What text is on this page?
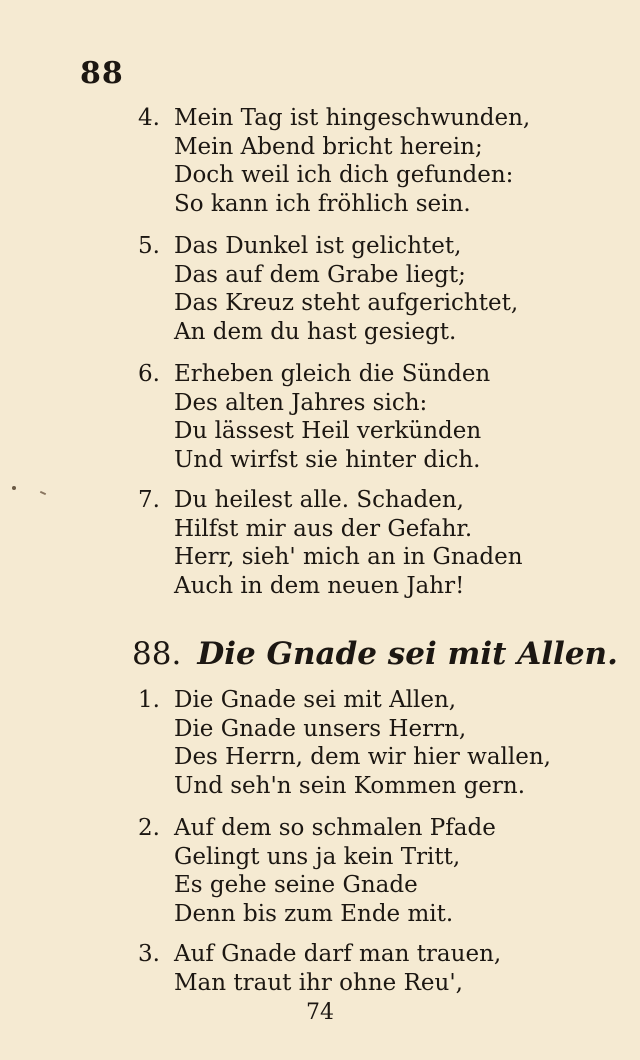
88
4. Mein Tag ist hingeschwunden,
Mein Abend bricht herein;
Doch weil ich dich gefunden:
So kann ich fröhlich sein.
5. Das Dunkel ist gelichtet,
Das auf dem Grabe liegt;
Das Kreuz steht aufgerichtet,
An dem du hast gesiegt.
6. Erheben gleich die Sünden
Des alten Jahres sich:
Du lässest Heil verkünden
Und wirfst sie hinter dich.
7. Du heilest alle. Schaden,
Hilfst mir aus der Gefahr.
Herr, sieh' mich an in Gnaden
Auch in dem neuen Jahr!
88. Die Gnade sei mit Allen.
1. Die Gnade sei mit Allen,
Die Gnade unsers Herrn,
Des Herrn, dem wir hier wallen,
Und seh'n sein Kommen gern.
2. Auf dem so schmalen Pfade
Gelingt uns ja kein Tritt,
Es gehe seine Gnade
Denn bis zum Ende mit.
3. Auf Gnade darf man trauen,
Man traut ihr ohne Reu',
74
